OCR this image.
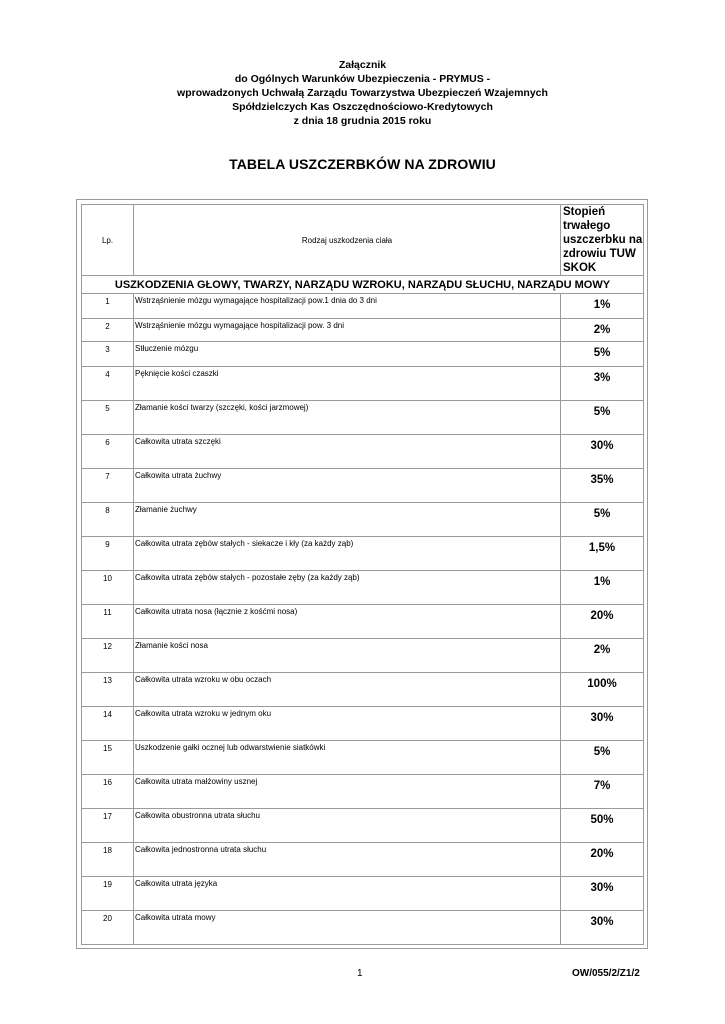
Załącznik
do Ogólnych Warunków Ubezpieczenia - PRYMUS -
wprowadzonych Uchwałą Zarządu Towarzystwa Ubezpieczeń Wzajemnych
Spółdzielczych Kas Oszczędnościowo-Kredytowych
z dnia 18 grudnia 2015 roku
TABELA USZCZERBKÓW NA ZDROWIU
Lp.	Rodzaj uszkodzenia ciała	Stopień trwałego
uszczerbku na
zdrowiu TUW
SKOK

USZKODZENIA GŁOWY, TWARZY, NARZĄDU WZROKU, NARZĄDU SŁUCHU, NARZĄDU MOWY		
1	Wstrząśnienie mózgu wymagające hospitalizacji pow.1 dnia do 3 dni	1%
2	Wstrząśnienie mózgu wymagające hospitalizacji pow. 3 dni	2%
3	Stłuczenie mózgu	5%
4	Pęknięcie kości czaszki	3%
5	Złamanie kości twarzy (szczęki, kości jarzmowej)	5%
6	Całkowita utrata szczęki	30%
7	Całkowita utrata żuchwy	35%
8	Złamanie żuchwy	5%
9	Całkowita utrata zębów stałych - siekacze i kły (za każdy ząb)	1,5%
10	Całkowita utrata zębów stałych - pozostałe zęby (za każdy ząb)	1%
11	Całkowita utrata nosa (łącznie z kośćmi nosa)	20%
12	Złamanie kości nosa	2%
13	Całkowita utrata wzroku w obu oczach	100%
14	Całkowita utrata wzroku w jednym oku	30%
15	Uszkodzenie gałki ocznej lub odwarstwienie siatkówki	5%
16	Całkowita utrata małżowiny usznej	7%
17	Całkowita obustronna utrata słuchu	50%
18	Całkowita jednostronna utrata słuchu	20%
19	Całkowita utrata języka	30%
20	Całkowita utrata mowy	30%
1	OW/055/2/Z1/2
